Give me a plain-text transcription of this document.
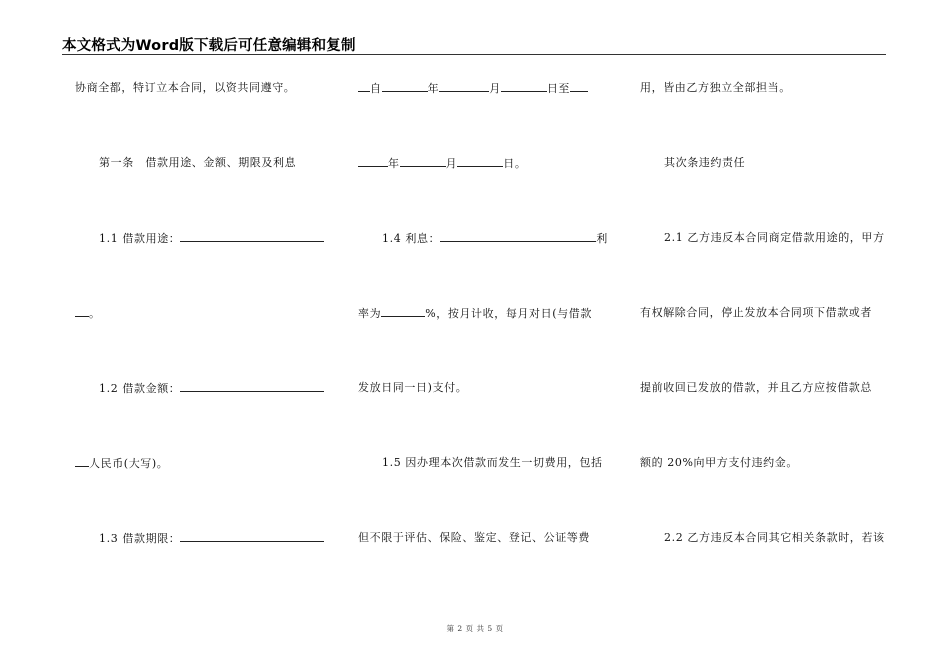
本文格式为Word版下载后可任意编辑和复制
协商全都，特订立本合同，以资共同遵守。
第一条　借款用途、金额、期限及利息
1.1 借款用途：
。
1.2 借款金额：
人民币(大写)。
1.3 借款期限：
自	年	月	日至
年	月	日。
1.4 利息：	利
率为	%，按月计收，每月对日(与借款
发放日同一日)支付。
1.5 因办理本次借款而发生一切费用，包括
但不限于评估、保险、鉴定、登记、公证等费
用，皆由乙方独立全部担当。
其次条违约责任
2.1 乙方违反本合同商定借款用途的，甲方
有权解除合同，停止发放本合同项下借款或者
提前收回已发放的借款，并且乙方应按借款总
额的 20%向甲方支付违约金。
2.2 乙方违反本合同其它相关条款时，若该
第 2 页 共 5 页
